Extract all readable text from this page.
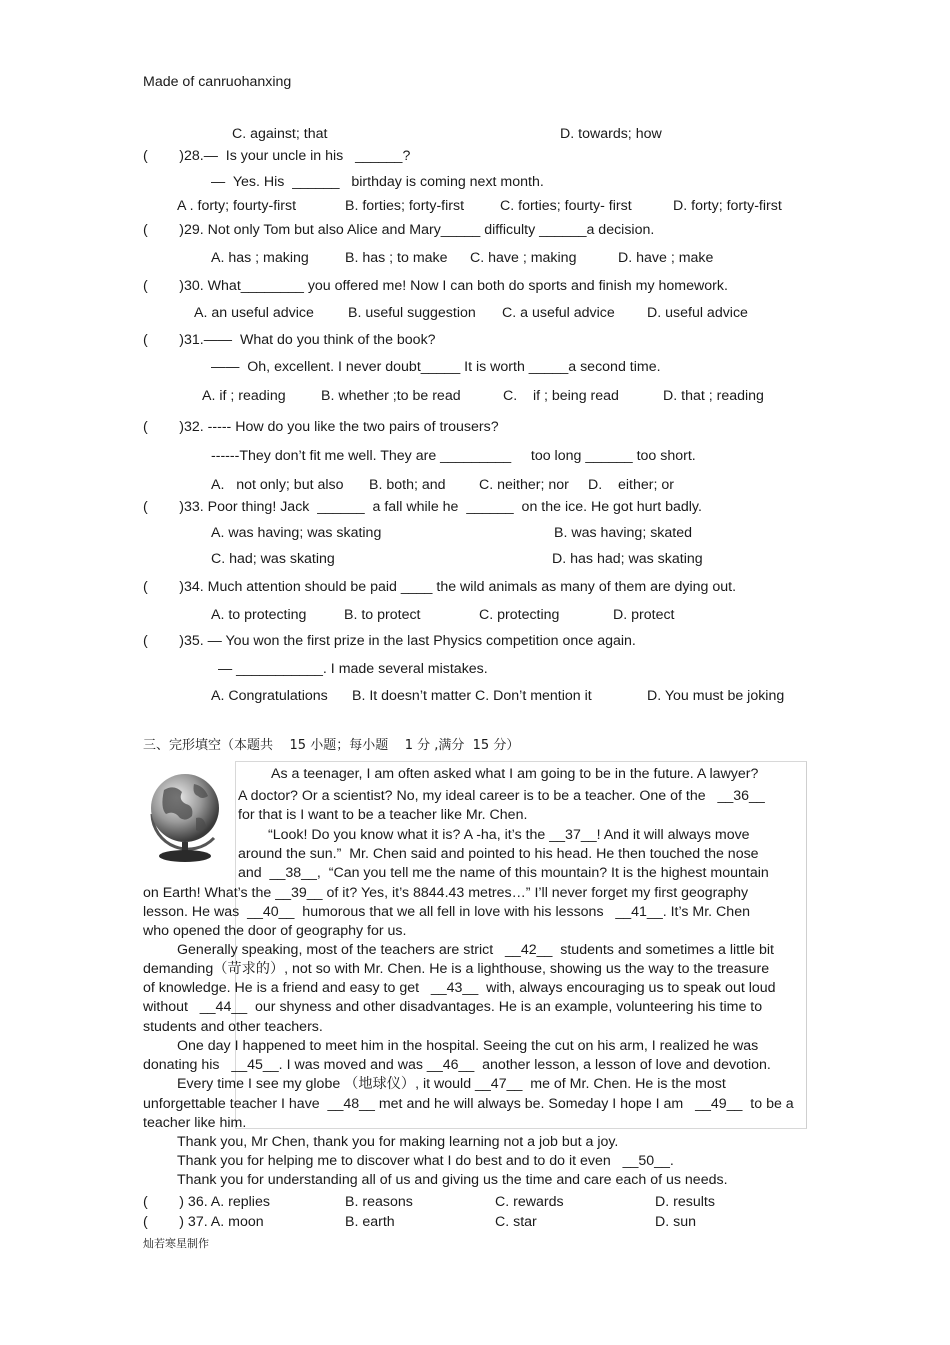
Made of canruohanxing
C. against; that	D. towards; how
(        )28.—  Is your uncle in his   ______?
—  Yes. His  ______   birthday is coming next month.
A . forty; fourty-first	B. forties; forty-first	C. forties; fourty- first	D. forty; forty-first
(        )29. Not only Tom but also Alice and Mary_____ difficulty ______a decision.
A. has ; making	B. has ; to make C. have ; making	D. have ; make
(        )30. What________ you offered me! Now I can both do sports and finish my homework.
A. an useful advice B. useful suggestion C. a useful advice D. useful advice
(        )31.——  What do you think of the book?
——  Oh, excellent. I never doubt_____ It is worth _____a second time.
A. if ; reading B. whether ;to be read	C.    if ; being read	D. that ; reading
(        )32. ----- How do you like the two pairs of trousers?
------They don’t fit me well. They are _________     too long ______ too short.
A.   not only; but also B. both; and C. neither; nor D.    either; or
(        )33. Poor thing! Jack  ______  a fall while he  ______  on the ice. He got hurt badly.
A. was having; was skating	B. was having; skated
C. had; was skating	D. has had; was skating
(        )34. Much attention should be paid ____ the wild animals as many of them are dying out.
A. to protecting	B. to protect	C. protecting	D. protect
(        )35. — You won the first prize in the last Physics competition once again.
— ___________. I made several mistakes.
A. Congratulations B. It doesn’t matter C. Don’t mention it	D. You must be joking
三、完形填空（本题共    15 小题；每小题    1 分 ,满分  15 分）
As a teenager, I am often asked what I am going to be in the future. A lawyer?
A doctor? Or a scientist? No, my ideal career is to be a teacher. One of the   __36__
for that is I want to be a teacher like Mr. Chen.
“Look! Do you know what it is? A -ha, it’s the __37__! And it will always move
around the sun.”  Mr. Chen said and pointed to his head. He then touched the nose
and  __38__,  “Can you tell me the name of this mountain? It is the highest mountain
on Earth! What’s the __39__ of it? Yes, it’s 8844.43 metres…” I’ll never forget my first geography
lesson. He was  __40__  humorous that we all fell in love with his lessons   __41__. It’s Mr. Chen
who opened the door of geography for us.
Generally speaking, most of the teachers are strict   __42__  students and sometimes a little bit
demanding（苛求的）, not so with Mr. Chen. He is a lighthouse, showing us the way to the treasure
of knowledge. He is a friend and easy to get   __43__  with, always encouraging us to speak out loud
without   __44__  our shyness and other disadvantages. He is an example, volunteering his time to
students and other teachers.
One day I happened to meet him in the hospital. Seeing the cut on his arm, I realized he was
donating his   __45__. I was moved and was __46__  another lesson, a lesson of love and devotion.
Every time I see my globe （地球仪）, it would __47__  me of Mr. Chen. He is the most
unforgettable teacher I have  __48__ met and he will always be. Someday I hope I am   __49__  to be a
teacher like him.
Thank you, Mr Chen, thank you for making learning not a job but a joy.
Thank you for helping me to discover what I do best and to do it even   __50__.
Thank you for understanding all of us and giving us the time and care each of us needs.
(        ) 36. A. replies	B. reasons	C. rewards	D. results
(        ) 37. A. moon	B. earth	C. star	D. sun
灿若寒星制作
